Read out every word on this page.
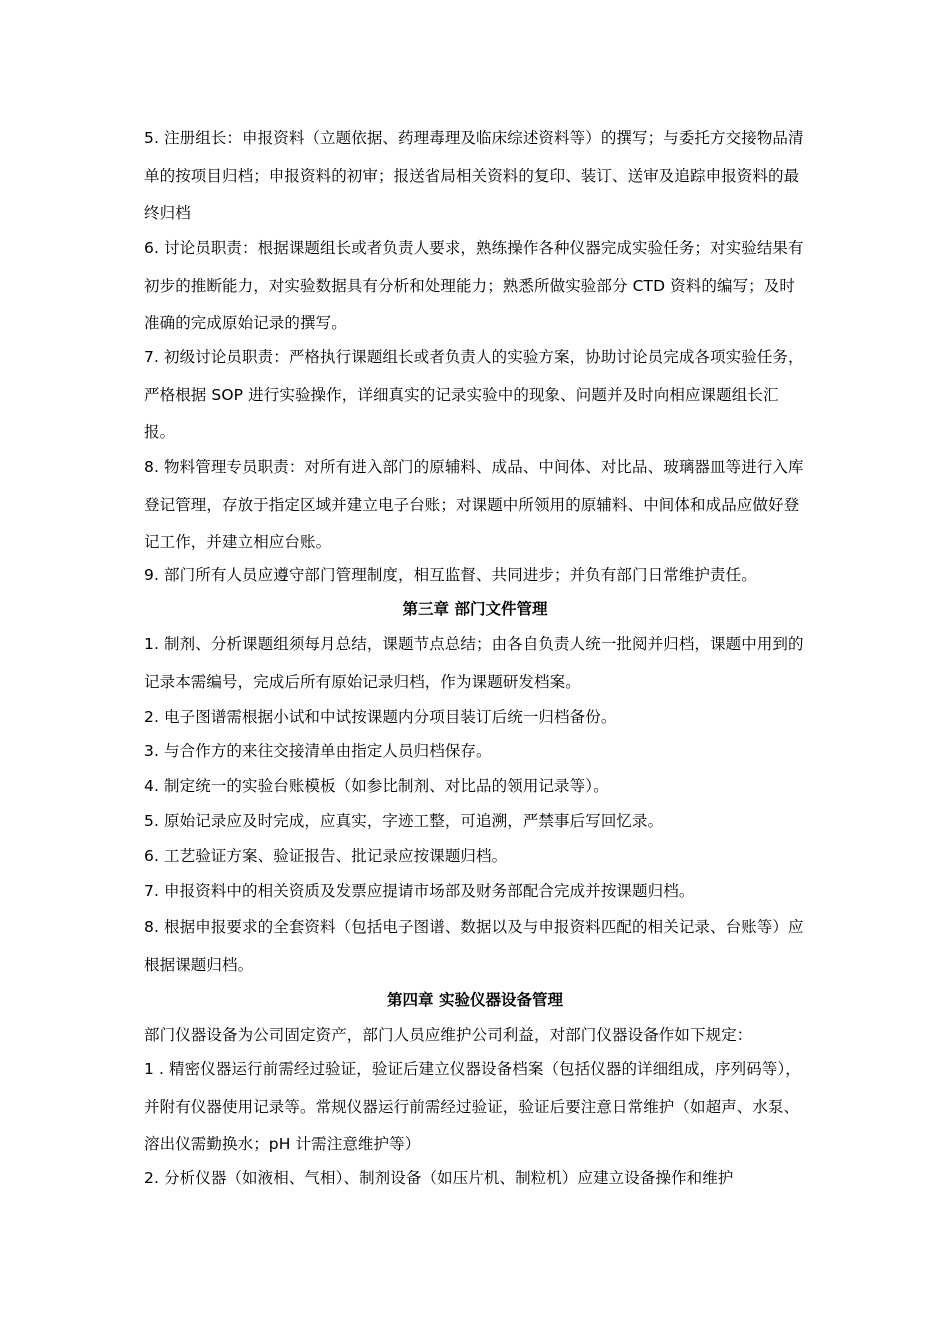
5. 注册组长：申报资料（立题依据、药理毒理及临床综述资料等）的撰写；与委托方交接物品清单的按项目归档；申报资料的初审；报送省局相关资料的复印、装订、送审及追踪申报资料的最终归档
6. 讨论员职责：根据课题组长或者负责人要求，熟练操作各种仪器完成实验任务；对实验结果有初步的推断能力，对实验数据具有分析和处理能力；熟悉所做实验部分 CTD 资料的编写；及时准确的完成原始记录的撰写。
7. 初级讨论员职责：严格执行课题组长或者负责人的实验方案，协助讨论员完成各项实验任务，严格根据 SOP 进行实验操作，详细真实的记录实验中的现象、问题并及时向相应课题组长汇报。
8. 物料管理专员职责：对所有进入部门的原辅料、成品、中间体、对比品、玻璃器皿等进行入库登记管理，存放于指定区域并建立电子台账；对课题中所领用的原辅料、中间体和成品应做好登记工作，并建立相应台账。
9. 部门所有人员应遵守部门管理制度，相互监督、共同进步；并负有部门日常维护责任。
第三章 部门文件管理
1. 制剂、分析课题组须每月总结，课题节点总结；由各自负责人统一批阅并归档，课题中用到的记录本需编号，完成后所有原始记录归档，作为课题研发档案。
2. 电子图谱需根据小试和中试按课题内分项目装订后统一归档备份。
3. 与合作方的来往交接清单由指定人员归档保存。
4. 制定统一的实验台账模板（如参比制剂、对比品的领用记录等）。
5. 原始记录应及时完成，应真实，字迹工整，可追溯，严禁事后写回忆录。
6. 工艺验证方案、验证报告、批记录应按课题归档。
7. 申报资料中的相关资质及发票应提请市场部及财务部配合完成并按课题归档。
8. 根据申报要求的全套资料（包括电子图谱、数据以及与申报资料匹配的相关记录、台账等）应根据课题归档。
第四章 实验仪器设备管理
部门仪器设备为公司固定资产，部门人员应维护公司利益，对部门仪器设备作如下规定：
1 . 精密仪器运行前需经过验证，验证后建立仪器设备档案（包括仪器的详细组成，序列码等），并附有仪器使用记录等。常规仪器运行前需经过验证，验证后要注意日常维护（如超声、水泵、溶出仪需勤换水；pH 计需注意维护等）
2. 分析仪器（如液相、气相）、制剂设备（如压片机、制粒机）应建立设备操作和维护
